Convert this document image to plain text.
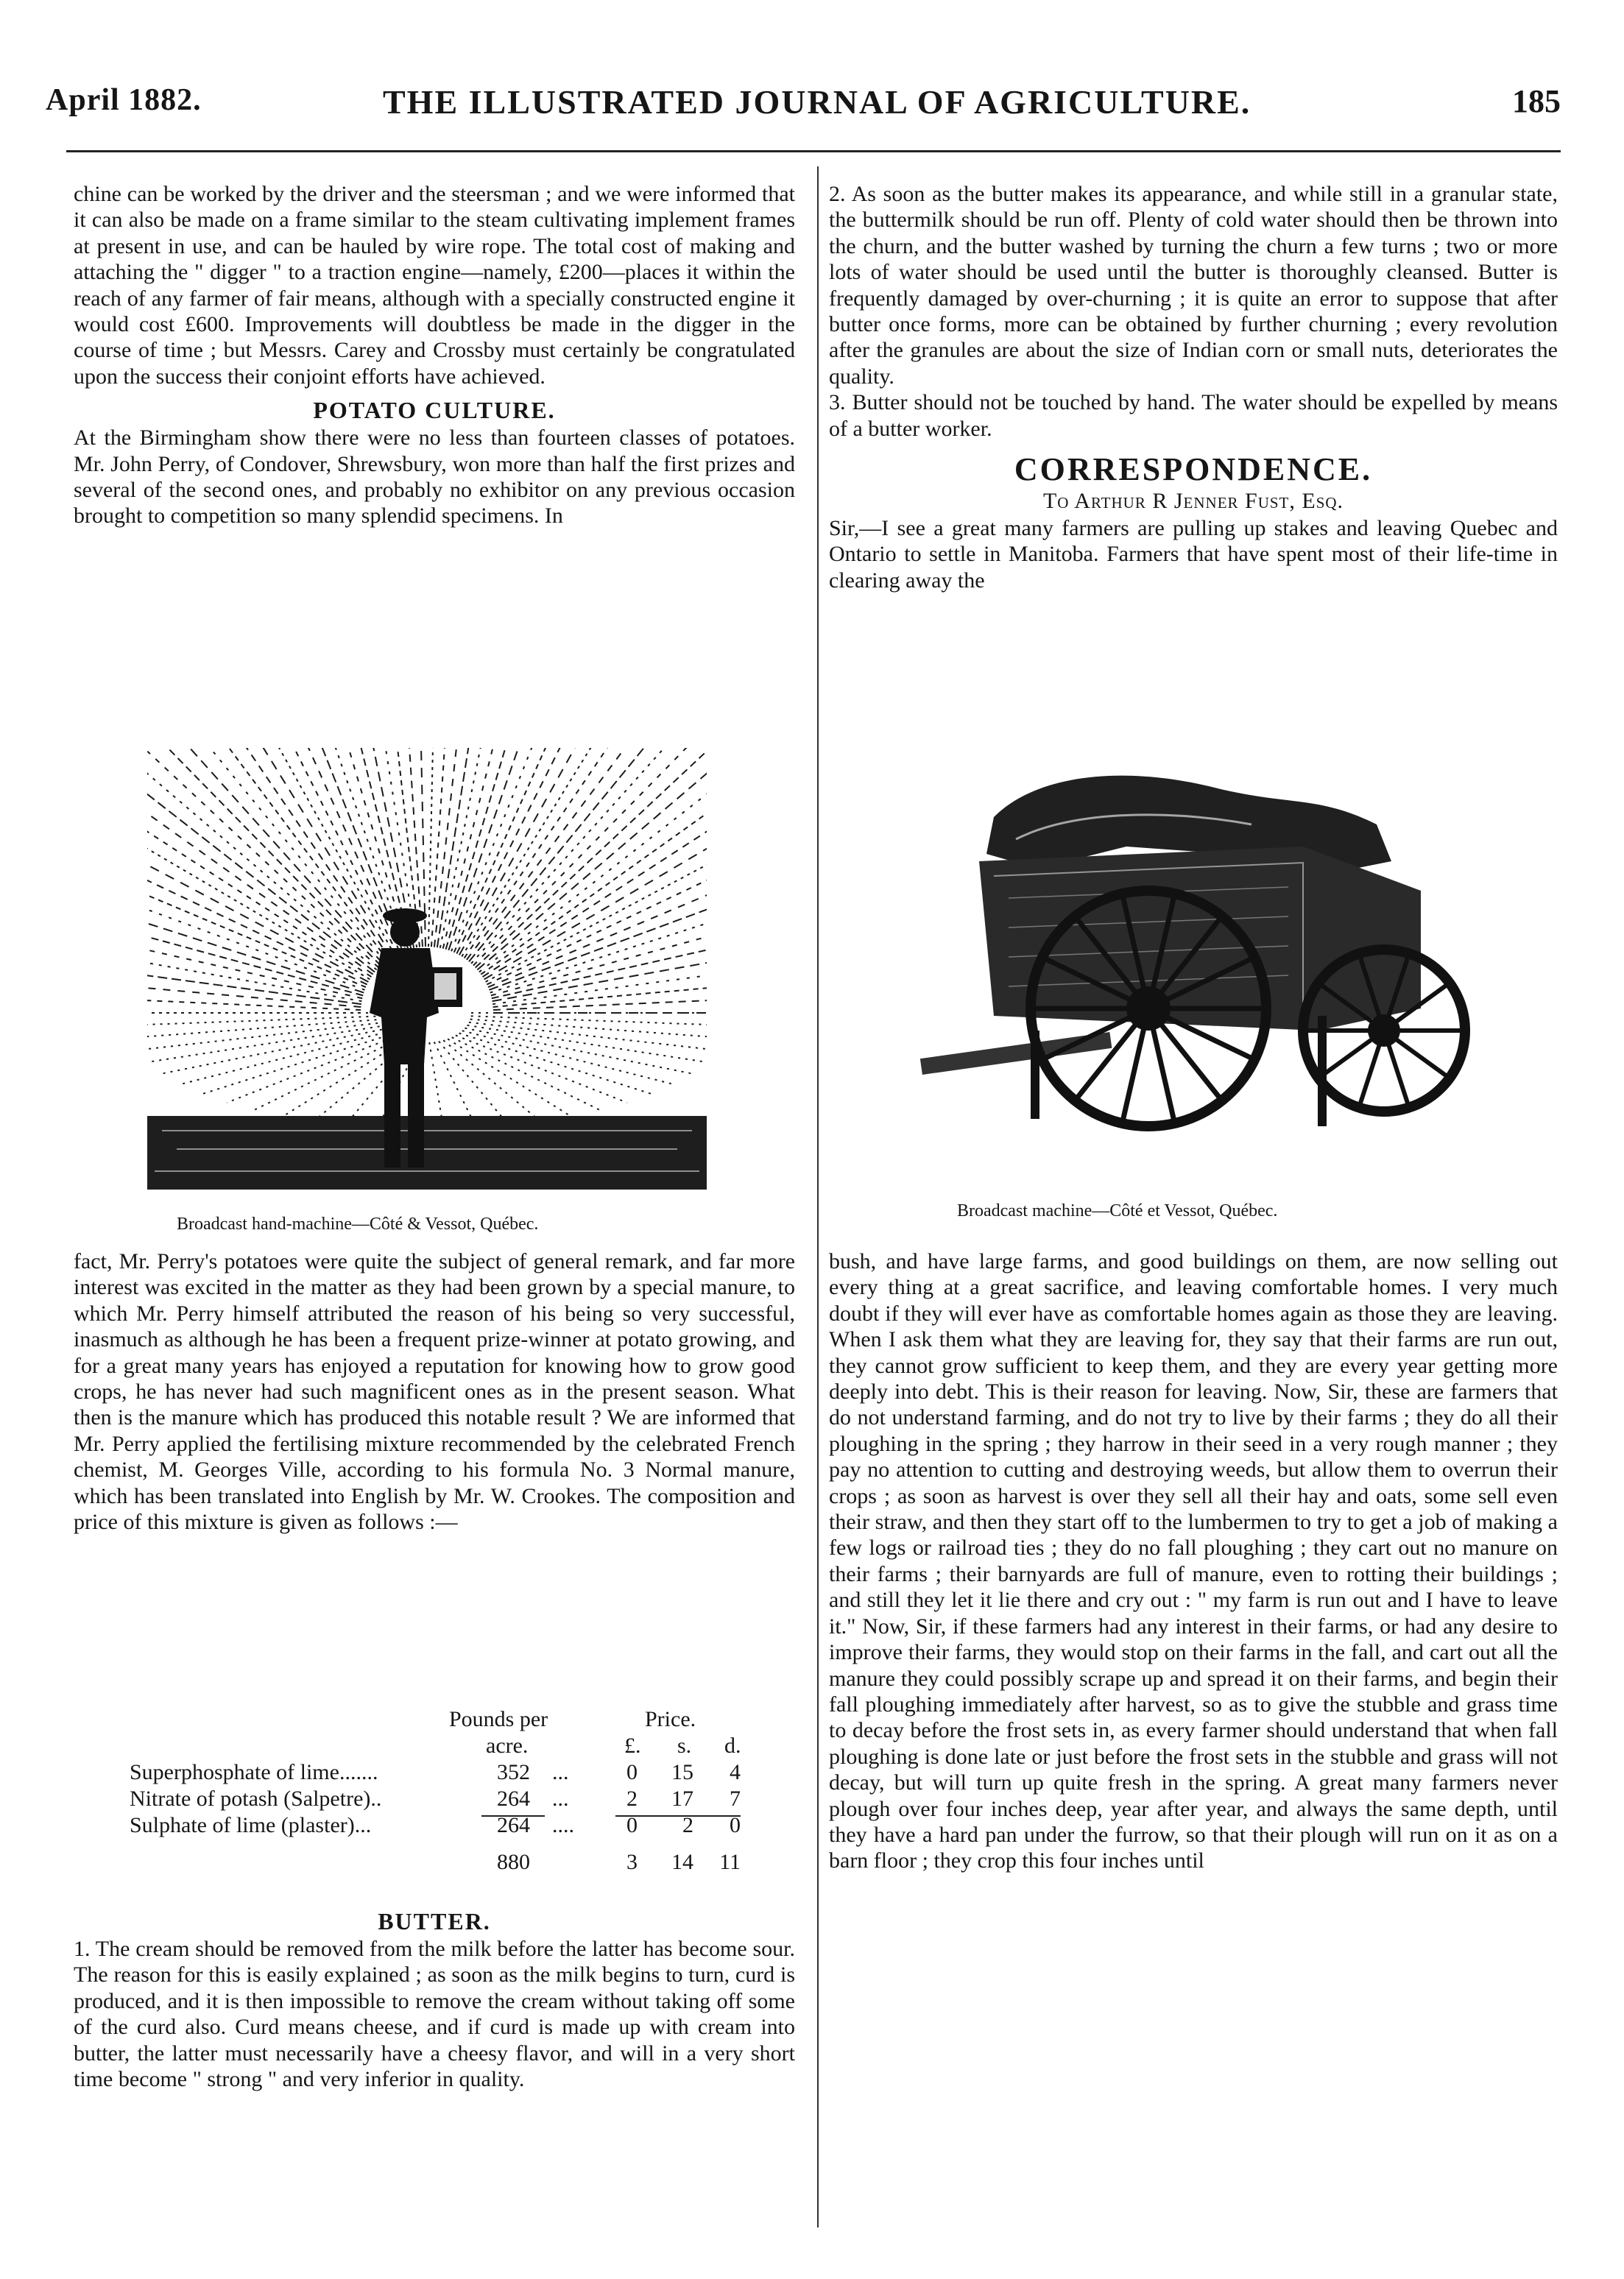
April 1882.	THE ILLUSTRATED JOURNAL OF AGRICULTURE.	185

chine can be worked by the driver and the steersman ; and we were informed that it can also be made on a frame similar to the steam cultivating implement frames at present in use, and can be hauled by wire rope. The total cost of making and attaching the " digger " to a traction engine—namely, £200—places it within the reach of any farmer of fair means, although with a specially constructed engine it would cost £600. Improvements will doubtless be made in the digger in the course of time ; but Messrs. Carey and Crossby must certainly be congratulated upon the success their conjoint efforts have achieved.

POTATO CULTURE.

At the Birmingham show there were no less than fourteen classes of potatoes. Mr. John Perry, of Condover, Shrewsbury, won more than half the first prizes and several of the second ones, and probably no exhibitor on any previous occasion brought to competition so many splendid specimens. In

Broadcast hand-machine—Côté & Vessot, Québec.

fact, Mr. Perry's potatoes were quite the subject of general remark, and far more interest was excited in the matter as they had been grown by a special manure, to which Mr. Perry himself attributed the reason of his being so very successful, inasmuch as although he has been a frequent prize-winner at potato growing, and for a great many years has enjoyed a reputation for knowing how to grow good crops, he has never had such magnificent ones as in the present season. What then is the manure which has produced this notable result ? We are informed that Mr. Perry applied the fertilising mixture recommended by the celebrated French chemist, M. Georges Ville, according to his formula No. 3 Normal manure, which has been translated into English by Mr. W. Crookes. The composition and price of this mixture is given as follows :—

Pounds per	Price.
acre.	£. s. d.
Superphosphate of lime.......	352 ...	0	15	4
Nitrate of potash (Salpetre)..	264 ...	2	17	7
Sulphate of lime (plaster)...	264 ....	0	2	0
880	3	14 11
BUTTER.

1. The cream should be removed from the milk before the latter has become sour. The reason for this is easily explained ; as soon as the milk begins to turn, curd is produced, and it is then impossible to remove the cream without taking off some of the curd also. Curd means cheese, and if curd is made up with cream into butter, the latter must necessarily have a cheesy flavor, and will in a very short time become " strong " and very inferior in quality.

2. As soon as the butter makes its appearance, and while still in a granular state, the buttermilk should be run off. Plenty of cold water should then be thrown into the churn, and the butter washed by turning the churn a few turns ; two or more lots of water should be used until the butter is thoroughly cleansed. Butter is frequently damaged by over-churning ; it is quite an error to suppose that after butter once forms, more can be obtained by further churning ; every revolution after the granules are about the size of Indian corn or small nuts, deteriorates the quality.

3. Butter should not be touched by hand. The water should be expelled by means of a butter worker.

CORRESPONDENCE.
To Arthur R Jenner Fust, Esq.

Sir,—I see a great many farmers are pulling up stakes and leaving Quebec and Ontario to settle in Manitoba. Farmers that have spent most of their life-time in clearing away the

Broadcast machine—Côté et Vessot, Québec.

bush, and have large farms, and good buildings on them, are now selling out every thing at a great sacrifice, and leaving comfortable homes. I very much doubt if they will ever have as comfortable homes again as those they are leaving. When I ask them what they are leaving for, they say that their farms are run out, they cannot grow sufficient to keep them, and they are every year getting more deeply into debt. This is their reason for leaving. Now, Sir, these are farmers that do not understand farming, and do not try to live by their farms ; they do all their ploughing in the spring ; they harrow in their seed in a very rough manner ; they pay no attention to cutting and destroying weeds, but allow them to overrun their crops ; as soon as harvest is over they sell all their hay and oats, some sell even their straw, and then they start off to the lumbermen to try to get a job of making a few logs or railroad ties ; they do no fall ploughing ; they cart out no manure on their farms ; their barnyards are full of manure, even to rotting their buildings ; and still they let it lie there and cry out : " my farm is run out and I have to leave it." Now, Sir, if these farmers had any interest in their farms, or had any desire to improve their farms, they would stop on their farms in the fall, and cart out all the manure they could possibly scrape up and spread it on their farms, and begin their fall ploughing immediately after harvest, so as to give the stubble and grass time to decay before the frost sets in, as every farmer should understand that when fall ploughing is done late or just before the frost sets in the stubble and grass will not decay, but will turn up quite fresh in the spring. A great many farmers never plough over four inches deep, year after year, and always the same depth, until they have a hard pan under the furrow, so that their plough will run on it as on a barn floor ; they crop this four inches until
